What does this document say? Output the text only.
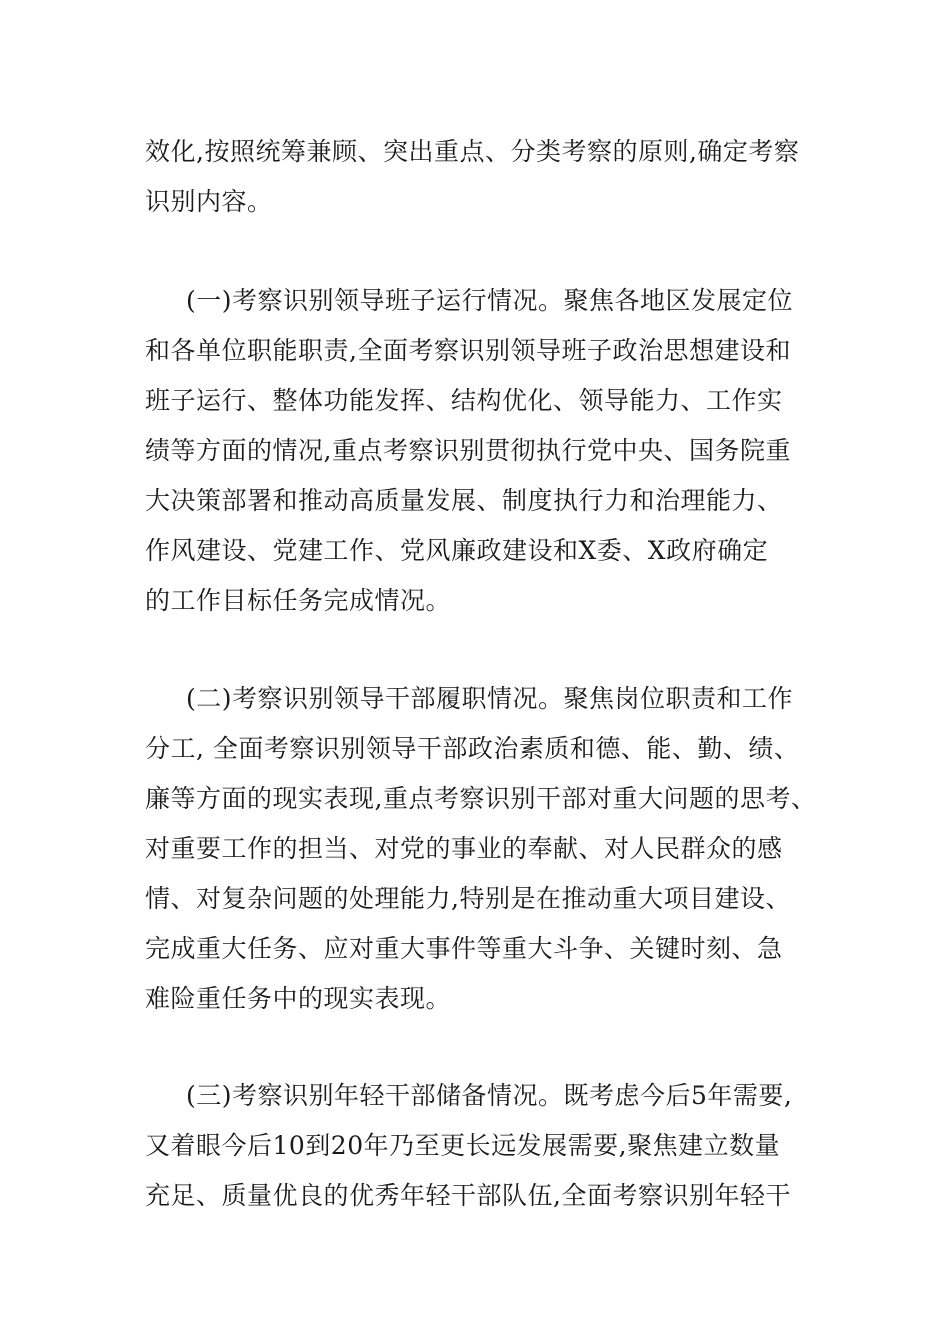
效化,按照统筹兼顾、突出重点、分类考察的原则,确定考察
识别内容。
(一)考察识别领导班子运行情况。聚焦各地区发展定位
和各单位职能职责,全面考察识别领导班子政治思想建设和
班子运行、整体功能发挥、结构优化、领导能力、工作实
绩等方面的情况,重点考察识别贯彻执行党中央、国务院重
大决策部署和推动高质量发展、制度执行力和治理能力、
作风建设、党建工作、党风廉政建设和X委、X政府确定
的工作目标任务完成情况。
(二)考察识别领导干部履职情况。聚焦岗位职责和工作
分工, 全面考察识别领导干部政治素质和德、能、勤、绩、
廉等方面的现实表现,重点考察识别干部对重大问题的思考、
对重要工作的担当、对党的事业的奉献、对人民群众的感
情、对复杂问题的处理能力,特别是在推动重大项目建设、
完成重大任务、应对重大事件等重大斗争、关键时刻、急
难险重任务中的现实表现。
(三)考察识别年轻干部储备情况。既考虑今后5年需要,
又着眼今后10到20年乃至更长远发展需要,聚焦建立数量
充足、质量优良的优秀年轻干部队伍,全面考察识别年轻干
